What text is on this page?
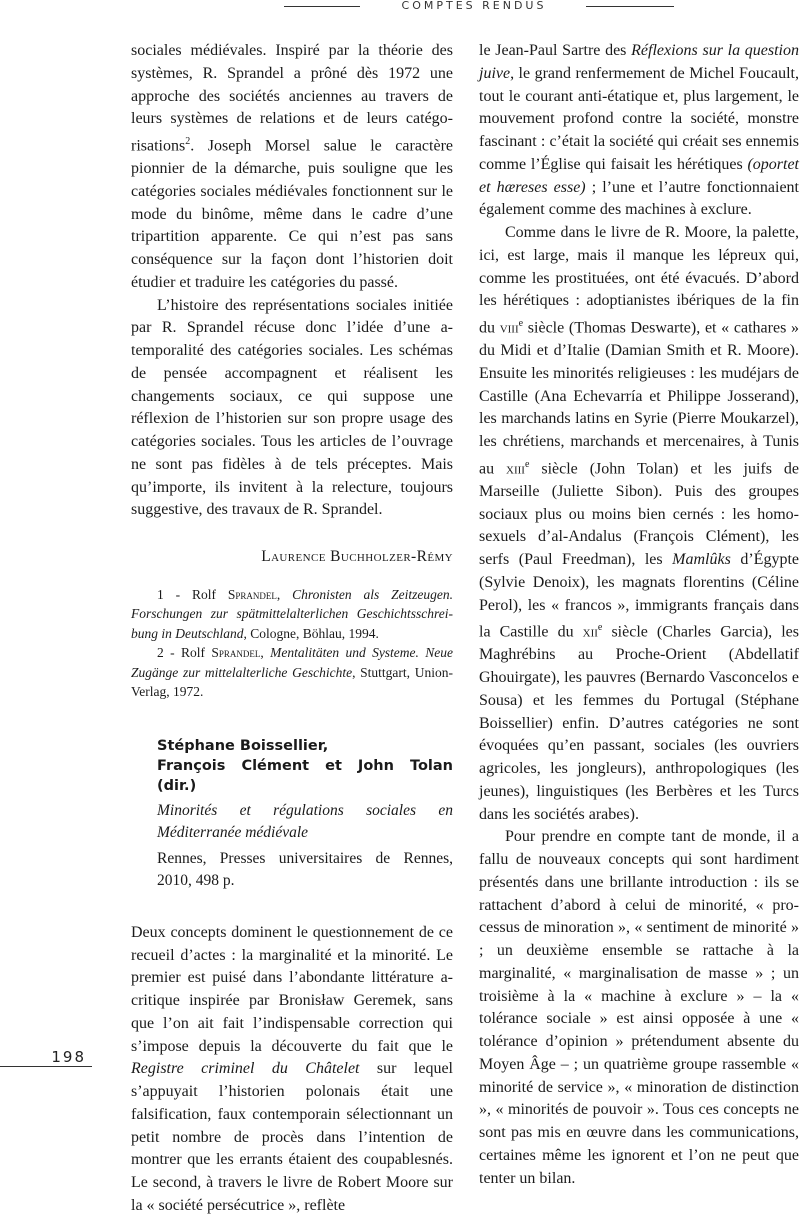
COMPTES RENDUS

sociales médiévales. Inspiré par la théorie des systèmes, R. Sprandel a prôné dès 1972 une approche des sociétés anciennes au travers de leurs systèmes de relations et de leurs catégorisations$^2$. Joseph Morsel salue le caractère pionnier de la démarche, puis souligne que les catégories sociales médiévales fonctionnent sur le mode du binôme, même dans le cadre d’une tripartition apparente. Ce qui n’est pas sans conséquence sur la façon dont l’historien doit étudier et traduire les catégories du passé.

L’histoire des représentations sociales initiée par R. Sprandel récuse donc l’idée d’une a-temporalité des catégories sociales. Les schémas de pensée accompagnent et réalisent les changements sociaux, ce qui suppose une réflexion de l’historien sur son propre usage des catégories sociales. Tous les articles de l’ouvrage ne sont pas fidèles à de tels préceptes. Mais qu’importe, ils invitent à la relecture, toujours suggestive, des travaux de R. Sprandel.

Laurence Buchholzer-Rémy

1 - Rolf Sprandel, Chronisten als Zeitzeugen. Forschungen zur spätmittelalterlichen Geschichtsschreibung in Deutschland, Cologne, Böhlau, 1994.

2 - Rolf Sprandel, Mentalitäten und Systeme. Neue Zugänge zur mittelalterliche Geschichte, Stuttgart, Union-Verlag, 1972.

Stéphane Boissellier,
François Clément et John Tolan (dir.)
Minorités et régulations sociales en Méditerranée médiévale
Rennes, Presses universitaires de Rennes, 2010, 498 p.

Deux concepts dominent le questionnement de ce recueil d’actes : la marginalité et la minorité. Le premier est puisé dans l’abondante littérature a-critique inspirée par Bronisław Geremek, sans que l’on ait fait l’indispensable correction qui s’impose depuis la découverte du fait que le Registre criminel du Châtelet sur lequel s’appuyait l’historien polonais était une falsification, faux contemporain sélectionnant un petit nombre de procès dans l’intention de montrer que les errants étaient des coupablesnés. Le second, à travers le livre de Robert Moore sur la « société persécutrice », reflète

le Jean-Paul Sartre des Réflexions sur la question juive, le grand renfermement de Michel Foucault, tout le courant anti-étatique et, plus largement, le mouvement profond contre la société, monstre fascinant : c’était la société qui créait ses ennemis comme l’Église qui faisait les hérétiques (oportet et hæreses esse) ; l’une et l’autre fonctionnaient également comme des machines à exclure.

Comme dans le livre de R. Moore, la palette, ici, est large, mais il manque les lépreux qui, comme les prostituées, ont été évacués. D’abord les hérétiques : adoptianistes ibériques de la fin du viii$^e$ siècle (Thomas Deswarte), et « cathares » du Midi et d’Italie (Damian Smith et R. Moore). Ensuite les minorités religieuses : les mudéjars de Castille (Ana Echevarría et Philippe Josserand), les marchands latins en Syrie (Pierre Moukarzel), les chrétiens, marchands et mercenaires, à Tunis au xiii$^e$ siècle (John Tolan) et les juifs de Marseille (Juliette Sibon). Puis des groupes sociaux plus ou moins bien cernés : les homosexuels d’al-Andalus (François Clément), les serfs (Paul Freedman), les Mamlûks d’Égypte (Sylvie Denoix), les magnats florentins (Céline Perol), les « francos », immigrants français dans la Castille du xii$^e$ siècle (Charles Garcia), les Maghrébins au Proche-Orient (Abdellatif Ghouirgate), les pauvres (Bernardo Vasconcelos e Sousa) et les femmes du Portugal (Stéphane Boissellier) enfin. D’autres catégories ne sont évoquées qu’en passant, sociales (les ouvriers agricoles, les jongleurs), anthropologiques (les jeunes), linguistiques (les Berbères et les Turcs dans les sociétés arabes).

Pour prendre en compte tant de monde, il a fallu de nouveaux concepts qui sont hardiment présentés dans une brillante introduction : ils se rattachent d’abord à celui de minorité, « processus de minoration », « sentiment de minorité » ; un deuxième ensemble se rattache à la marginalité, « marginalisation de masse » ; un troisième à la « machine à exclure » – la « tolérance sociale » est ainsi opposée à une « tolérance d’opinion » prétendument absente du Moyen Âge – ; un quatrième groupe rassemble « minorité de service », « minoration de distinction », « minorités de pouvoir ». Tous ces concepts ne sont pas mis en œuvre dans les communications, certaines même les ignorent et l’on ne peut que tenter un bilan.

198
